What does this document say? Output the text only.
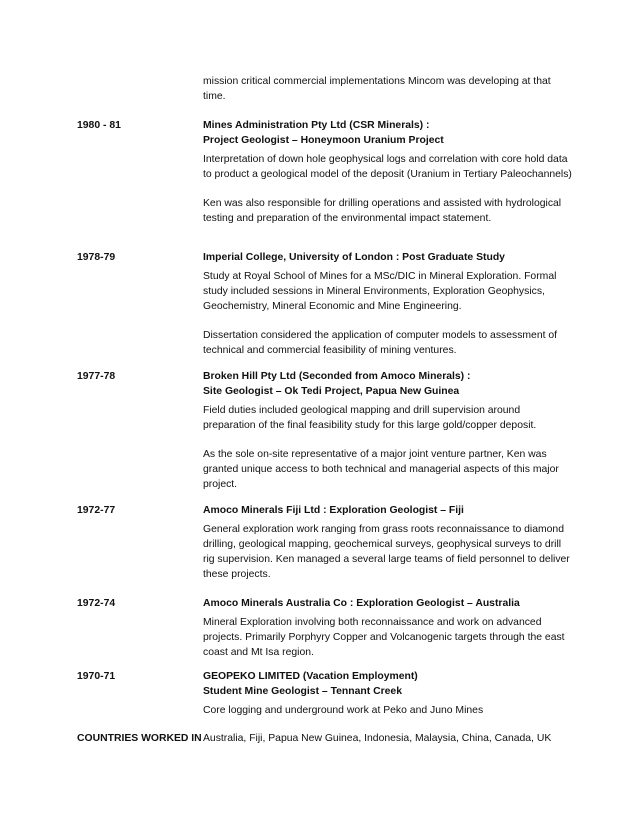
mission critical commercial implementations Mincom was developing at that time.

1980 - 81	Mines Administration Pty Ltd (CSR Minerals) :
Project Geologist – Honeymoon Uranium Project

Interpretation of down hole geophysical logs and correlation with core hold data to product a geological model of the deposit (Uranium in Tertiary Paleochannels)

Ken was also responsible for drilling operations and assisted with hydrological testing and preparation of the environmental impact statement.

1978-79	Imperial College, University of London : Post Graduate Study

Study at Royal School of Mines for a MSc/DIC in Mineral Exploration. Formal study included sessions in Mineral Environments, Exploration Geophysics, Geochemistry, Mineral Economic and Mine Engineering.

Dissertation considered the application of computer models to assessment of technical and commercial feasibility of mining ventures.

1977-78	Broken Hill Pty Ltd (Seconded from Amoco Minerals) :
Site Geologist – Ok Tedi Project, Papua New Guinea

Field duties included geological mapping and drill supervision around preparation of the final feasibility study for this large gold/copper deposit.

As the sole on-site representative of a major joint venture partner, Ken was granted unique access to both technical and managerial aspects of this major project.

1972-77	Amoco Minerals Fiji Ltd : Exploration Geologist – Fiji

General exploration work ranging from grass roots reconnaissance to diamond drilling, geological mapping, geochemical surveys, geophysical surveys to drill rig supervision. Ken managed a several large teams of field personnel to deliver these projects.

1972-74	Amoco Minerals Australia Co : Exploration Geologist – Australia

Mineral Exploration involving both reconnaissance and work on advanced projects. Primarily Porphyry Copper and Volcanogenic targets through the east coast and Mt Isa region.

1970-71	GEOPEKO LIMITED (Vacation Employment)
Student Mine Geologist – Tennant Creek

Core logging and underground work at Peko and Juno Mines

COUNTRIES WORKED IN Australia, Fiji, Papua New Guinea, Indonesia, Malaysia, China, Canada, UK
